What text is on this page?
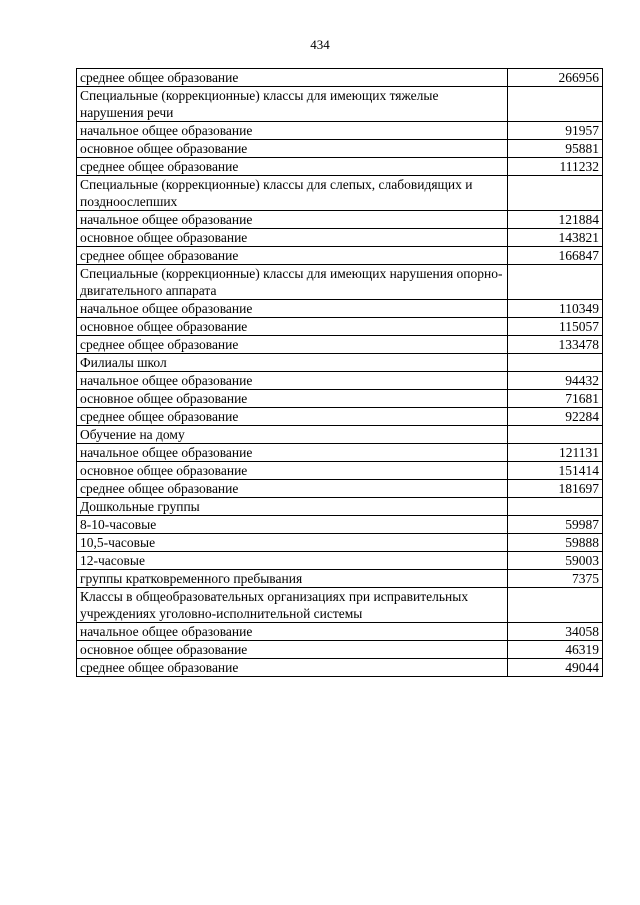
434
среднее общее образование	266956
Специальные (коррекционные) классы для имеющих тяжелые нарушения речи	
начальное общее образование	91957
основное общее образование	95881
среднее общее образование	111232
Специальные (коррекционные) классы для слепых, слабовидящих и поздноослепших	
начальное общее образование	121884
основное общее образование	143821
среднее общее образование	166847
Специальные (коррекционные) классы для имеющих нарушения опорно-двигательного аппарата	
начальное общее образование	110349
основное общее образование	115057
среднее общее образование	133478
Филиалы школ	
начальное общее образование	94432
основное общее образование	71681
среднее общее образование	92284
Обучение на дому	
начальное общее образование	121131
основное общее образование	151414
среднее общее образование	181697
Дошкольные группы	
8-10-часовые	59987
10,5-часовые	59888
12-часовые	59003
группы кратковременного пребывания	7375
Классы в общеобразовательных организациях при исправительных учреждениях уголовно-исполнительной системы	
начальное общее образование	34058
основное общее образование	46319
среднее общее образование	49044
